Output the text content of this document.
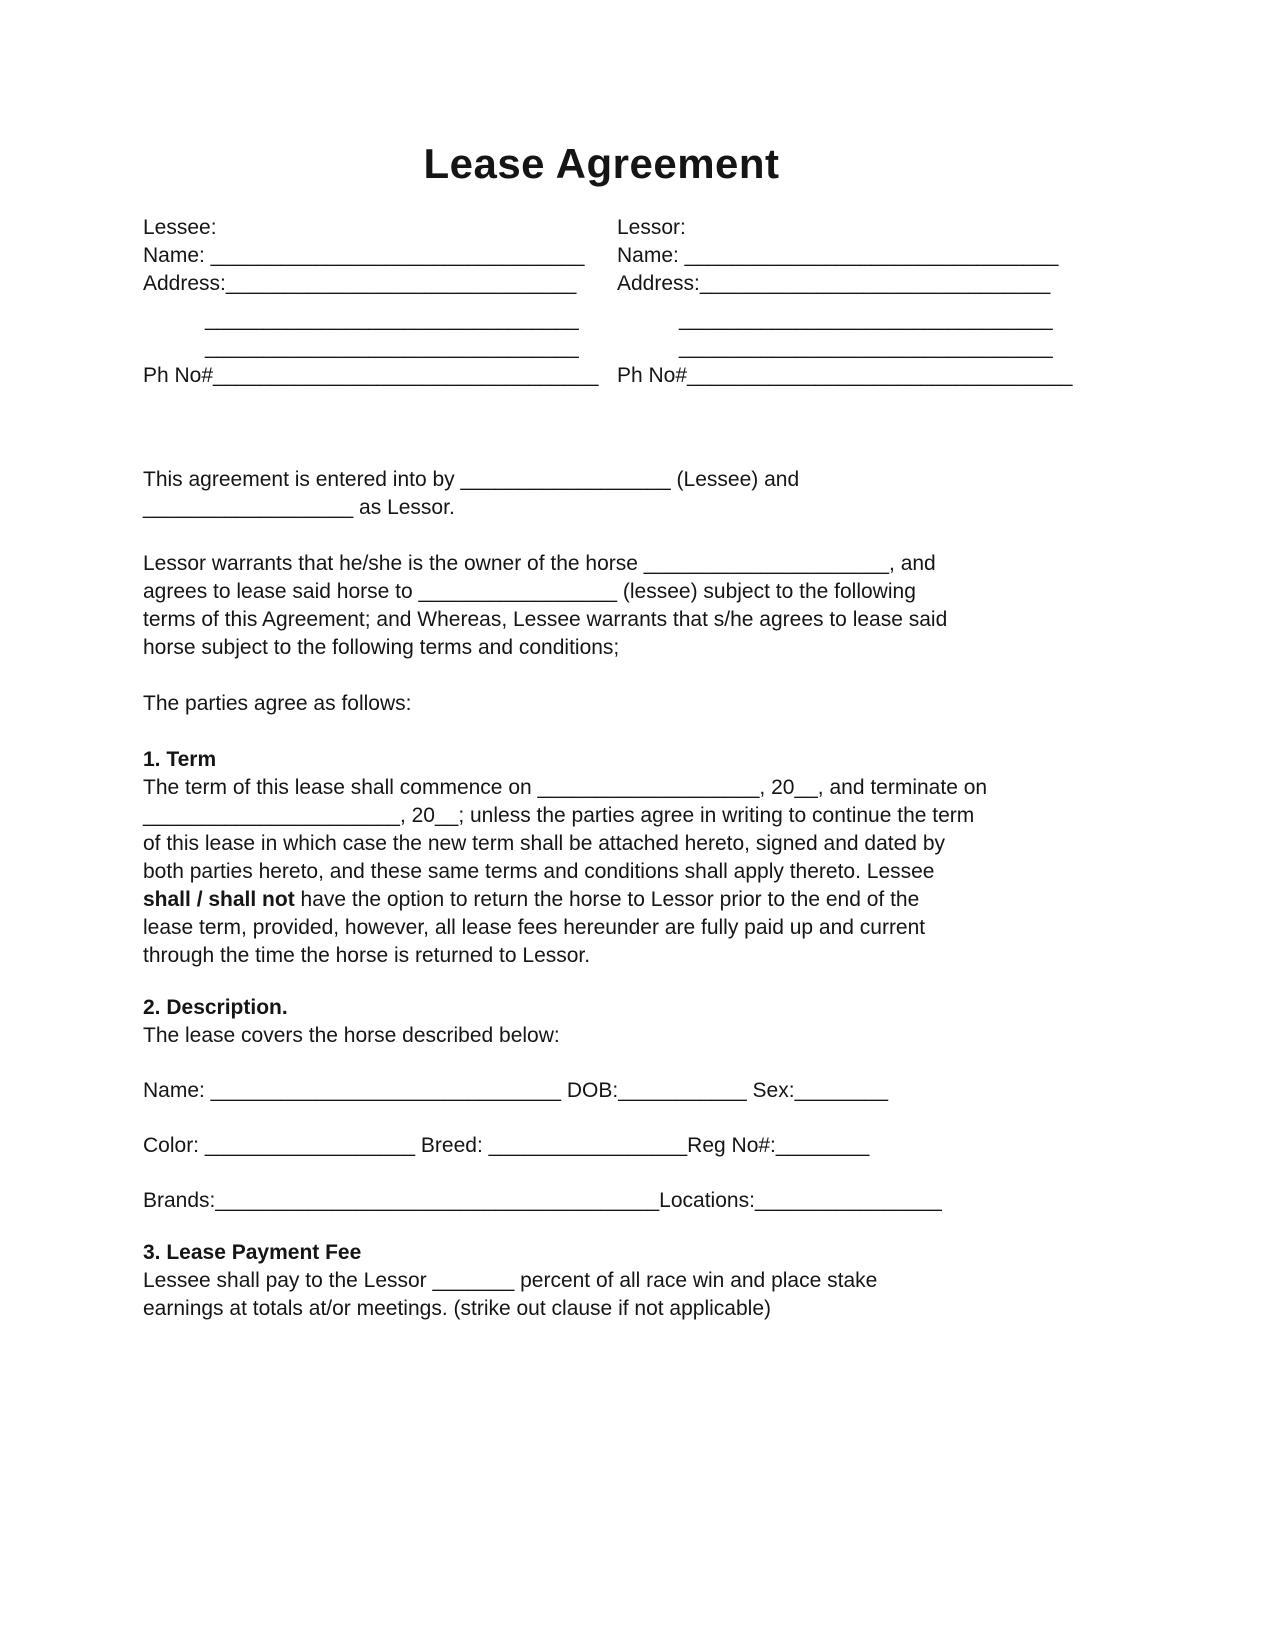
Lease Agreement
Lessee:
Name: ________________________________
Address:______________________________
________________________________
________________________________
Ph No#_________________________________
Lessor:
Name: ________________________________
Address:______________________________
________________________________
________________________________
Ph No#_________________________________
This agreement is entered into by __________________ (Lessee) and
__________________ as Lessor.
Lessor warrants that he/she is the owner of the horse _____________________, and
agrees to lease said horse to _________________ (lessee) subject to the following
terms of this Agreement; and Whereas, Lessee warrants that s/he agrees to lease said
horse subject to the following terms and conditions;
The parties agree as follows:
1. Term
The term of this lease shall commence on ___________________, 20__, and terminate on
______________________, 20__; unless the parties agree in writing to continue the term
of this lease in which case the new term shall be attached hereto, signed and dated by
both parties hereto, and these same terms and conditions shall apply thereto. Lessee
shall / shall not have the option to return the horse to Lessor prior to the end of the
lease term, provided, however, all lease fees hereunder are fully paid up and current
through the time the horse is returned to Lessor.
2. Description.
The lease covers the horse described below:
Name: ______________________________ DOB:___________ Sex:________
Color: __________________ Breed: _________________Reg No#:________
Brands:______________________________________Locations:________________
3. Lease Payment Fee
Lessee shall pay to the Lessor _______ percent of all race win and place stake
earnings at totals at/or meetings. (strike out clause if not applicable)
